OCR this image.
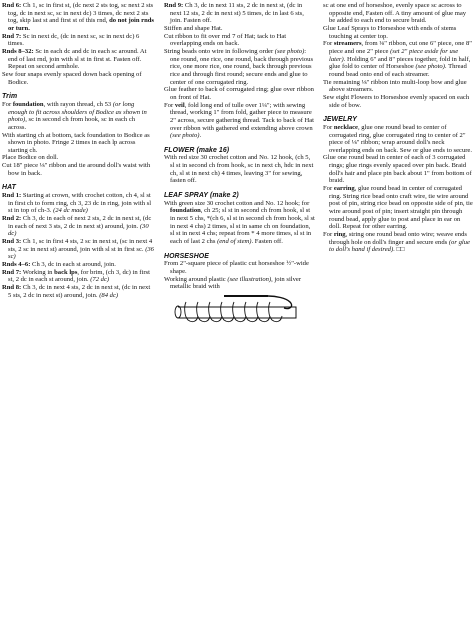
Rnd 6: Ch 1, sc in first st, (dc next 2 sts tog, sc next 2 sts tog, dc in next sc, sc in next dc) 3 times, dc next 2 sts tog, skip last st and first st of this rnd, do not join rnds or turn.
Rnd 7: Sc in next dc, (dc in next sc, sc in next dc) 6 times.
Rnds 8–32: Sc in each dc and dc in each sc around. At end of last rnd, join with sl st in first st. Fasten off. Repeat on second armhole.
Sew four snaps evenly spaced down back opening of Bodice.
Trim
For foundation, with rayon thread, ch 53 (or long enough to fit across shoulders of Bodice as shown in photo), sc in second ch from hook, sc in each ch across.
With starting ch at bottom, tack foundation to Bodice as shown in photo. Fringe 2 times in each lp across starting ch.
Place Bodice on doll.
Cut 18" piece ⅛" ribbon and tie around doll's waist with bow in back.
HAT
Rnd 1: Starting at crown, with crochet cotton, ch 4, sl st in first ch to form ring, ch 3, 23 dc in ring, join with sl st in top of ch-3. (24 dc made)
Rnd 2: Ch 3, dc in each of next 2 sts, 2 dc in next st, (dc in each of next 3 sts, 2 dc in next st) around, join. (30 dc)
Rnd 3: Ch 1, sc in first 4 sts, 2 sc in next st, (sc in next 4 sts, 2 sc in next st) around, join with sl st in first sc. (36 sc)
Rnds 4–6: Ch 3, dc in each st around, join.
Rnd 7: Working in back lps, for brim, (ch 3, dc) in first st, 2 dc in each st around, join. (72 dc)
Rnd 8: Ch 3, dc in next 4 sts, 2 dc in next st, (dc in next 5 sts, 2 dc in next st) around, join. (84 dc)
Rnd 9: Ch 3, dc in next 11 sts, 2 dc in next st, (dc in next 12 sts, 2 dc in next st) 5 times, dc in last 6 sts, join. Fasten off.
Stiffen and shape Hat.
Cut ribbon to fit over rnd 7 of Hat; tack to Hat overlapping ends on back.
String beads onto wire in following order (see photo): one round, one rice, one round, back through previous rice, one more rice, one round, back through previous rice and through first round; secure ends and glue to center of one corrugated ring.
Glue feather to back of corrugated ring; glue over ribbon on front of Hat.
For veil, fold long end of tulle over 1¼"; with sewing thread, working 1" from fold, gather piece to measure 2" across, secure gathering thread. Tack to back of Hat over ribbon with gathered end extending above crown (see photo).
FLOWER (make 16)
With red size 30 crochet cotton and No. 12 hook, (ch 5, sl st in second ch from hook, sc in next ch, hdc in next ch, sl st in next ch) 4 times, leaving 3" for sewing, fasten off.
LEAF SPRAY (make 2)
With green size 30 crochet cotton and No. 12 hook; for foundation, ch 25; sl st in second ch from hook, sl st in next 5 chs, *(ch 6, sl st in second ch from hook, sl st in next 4 chs) 2 times, sl st in same ch on foundation, sl st in next 4 chs; repeat from * 4 more times, sl st in each of last 2 chs (end of stem). Fasten off.
HORSESHOE
From 2"-square piece of plastic cut horseshoe ½"-wide shape.
Working around plastic (see illustration), join silver metallic braid with
sc at one end of horseshoe, evenly space sc across to opposite end, Fasten off. A tiny amount of glue may be added to each end to secure braid.
Glue Leaf Sprays to Horseshoe with ends of stems touching at center top.
For streamers, from ⅛" ribbon, cut one 6" piece, one 8" piece and one 2" piece (set 2" piece aside for use later). Holding 6" and 8" pieces together, fold in half, glue fold to center of Horseshoe (see photo). Thread round bead onto end of each streamer.
Tie remaining ⅛" ribbon into multi-loop bow and glue above streamers.
Sew eight Flowers to Horseshoe evenly spaced on each side of bow.
JEWELRY
For necklace, glue one round bead to center of corrugated ring, glue corrugated ring to center of 2" piece of ⅛" ribbon; wrap around doll's neck overlapping ends on back. Sew or glue ends to secure.
Glue one round bead in center of each of 3 corrugated rings; glue rings evenly spaced over pin back. Braid doll's hair and place pin back about 1" from bottom of braid.
For earring, glue round bead in center of corrugated ring. String rice bead onto craft wire, tie wire around post of pin, string rice bead on opposite side of pin, tie wire around post of pin; insert straight pin through round bead, apply glue to post and place in ear on doll. Repeat for other earring.
For ring, string one round bead onto wire; weave ends through hole on doll's finger and secure ends (or glue to doll's hand if desired). □□
